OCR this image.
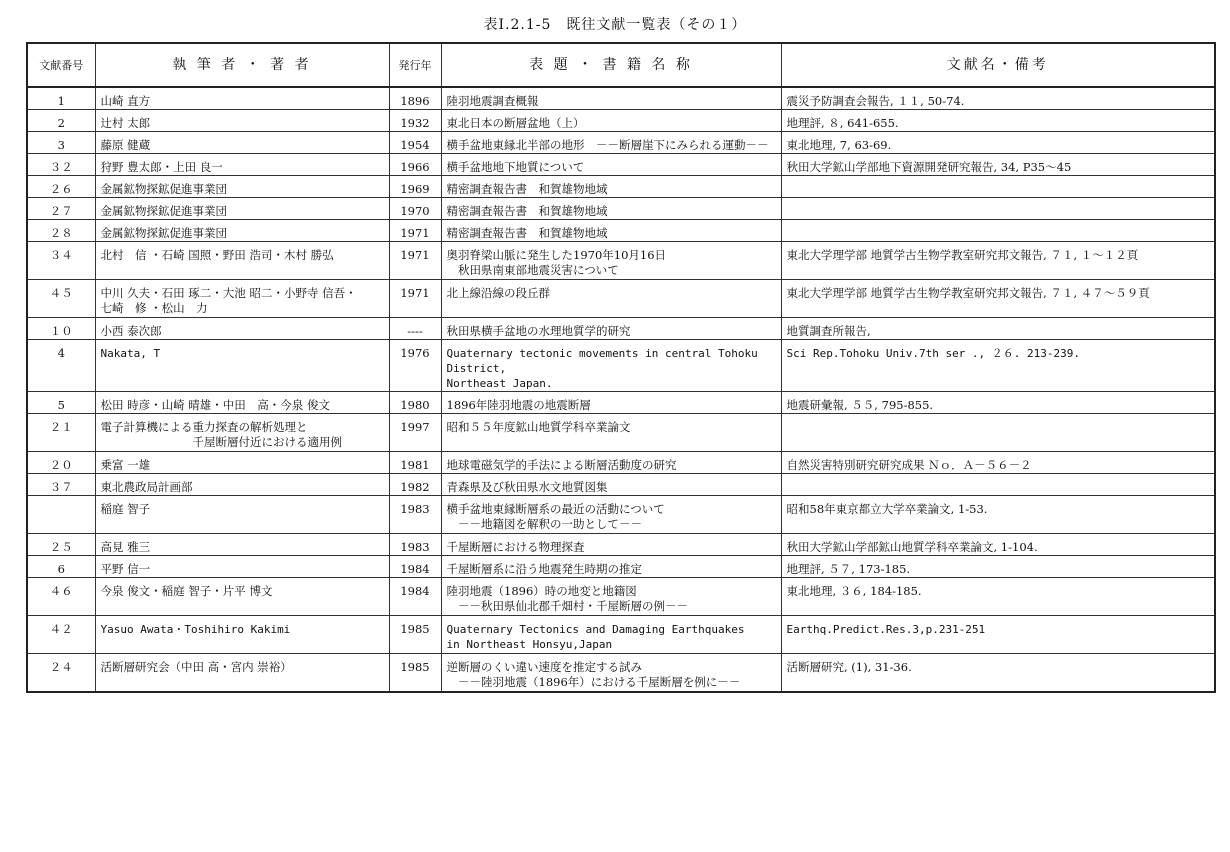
表Ⅰ.2.1-5　既往文献一覧表（その１）
文献番号	執 筆 者 ・ 著 者	発行年	表 題 ・ 書 籍 名 称	文献名・備考
1	山崎 直方	1896	陸羽地震調査概報	震災予防調査会報告, １１, 50-74.
2	辻村 太郎	1932	東北日本の断層盆地（上）	地理評, ８, 641-655.
3	藤原 健蔵	1954	横手盆地東縁北半部の地形　－－断層崖下にみられる運動－－	東北地理, 7, 63-69.
３２	狩野 豊太郎・上田 良一	1966	横手盆地地下地質について	秋田大学鉱山学部地下資源開発研究報告, 34, P35～45
２６	金属鉱物探鉱促進事業団	1969	精密調査報告書　和賀雄物地域	
２７	金属鉱物探鉱促進事業団	1970	精密調査報告書　和賀雄物地域	
２８	金属鉱物探鉱促進事業団	1971	精密調査報告書　和賀雄物地域	
３４	北村　信 ・石崎 国照・野田 浩司・木村 勝弘	1971	奥羽脊梁山脈に発生した1970年10月16日
　秋田県南東部地震災害について	東北大学理学部 地質学古生物学教室研究邦文報告, ７１, １～１２頁
４５	中川 久夫・石田 琢二・大池 昭二・小野寺 信吾・
七崎　修 ・松山　力	1971	北上線沿線の段丘群	東北大学理学部 地質学古生物学教室研究邦文報告, ７１, ４７～５９頁
１０	小西 泰次郎	----	秋田県横手盆地の水理地質学的研究	地質調査所報告,
4	Nakata, T	1976	Quaternary tectonic movements in central Tohoku District,
Northeast Japan.	Sci Rep.Tohoku Univ.7th ser ., ２６. 213-239.
5	松田 時彦・山崎 晴雄・中田　高・今泉 俊文	1980	1896年陸羽地震の地震断層	地震研彙報, ５５, 795-855.
２１	電子計算機による重力探査の解析処理と
　　　　　　　　千屋断層付近における適用例	1997	昭和５５年度鉱山地質学科卒業論文	
２０	乗富 一雄	1981	地球電磁気学的手法による断層活動度の研究	自然災害特別研究研究成果 Ｎｏ．Ａ－５６－２
３７	東北農政局計画部	1982	青森県及び秋田県水文地質図集	
	稲庭 智子	1983	横手盆地東縁断層系の最近の活動について
　－－地籍図を解釈の一助として－－	昭和58年東京都立大学卒業論文, 1-53.
２５	高見 雅三	1983	千屋断層における物理探査	秋田大学鉱山学部鉱山地質学科卒業論文, 1-104.
6	平野 信一	1984	千屋断層系に沿う地震発生時期の推定	地理評, ５７, 173-185.
４６	今泉 俊文・稲庭 智子・片平 博文	1984	陸羽地震（1896）時の地変と地籍図
　－－秋田県仙北郡千畑村・千屋断層の例－－	東北地理, ３６, 184-185.
４２	Yasuo Awata・Toshihiro Kakimi	1985	Quaternary Tectonics and Damaging Earthquakes
in Northeast Honsyu,Japan	Earthq.Predict.Res.3,p.231-251
２４	活断層研究会（中田 高・宮内 崇裕）	1985	逆断層のくい違い速度を推定する試み
　－－陸羽地震（1896年）における千屋断層を例に－－	活断層研究, (1), 31-36.
